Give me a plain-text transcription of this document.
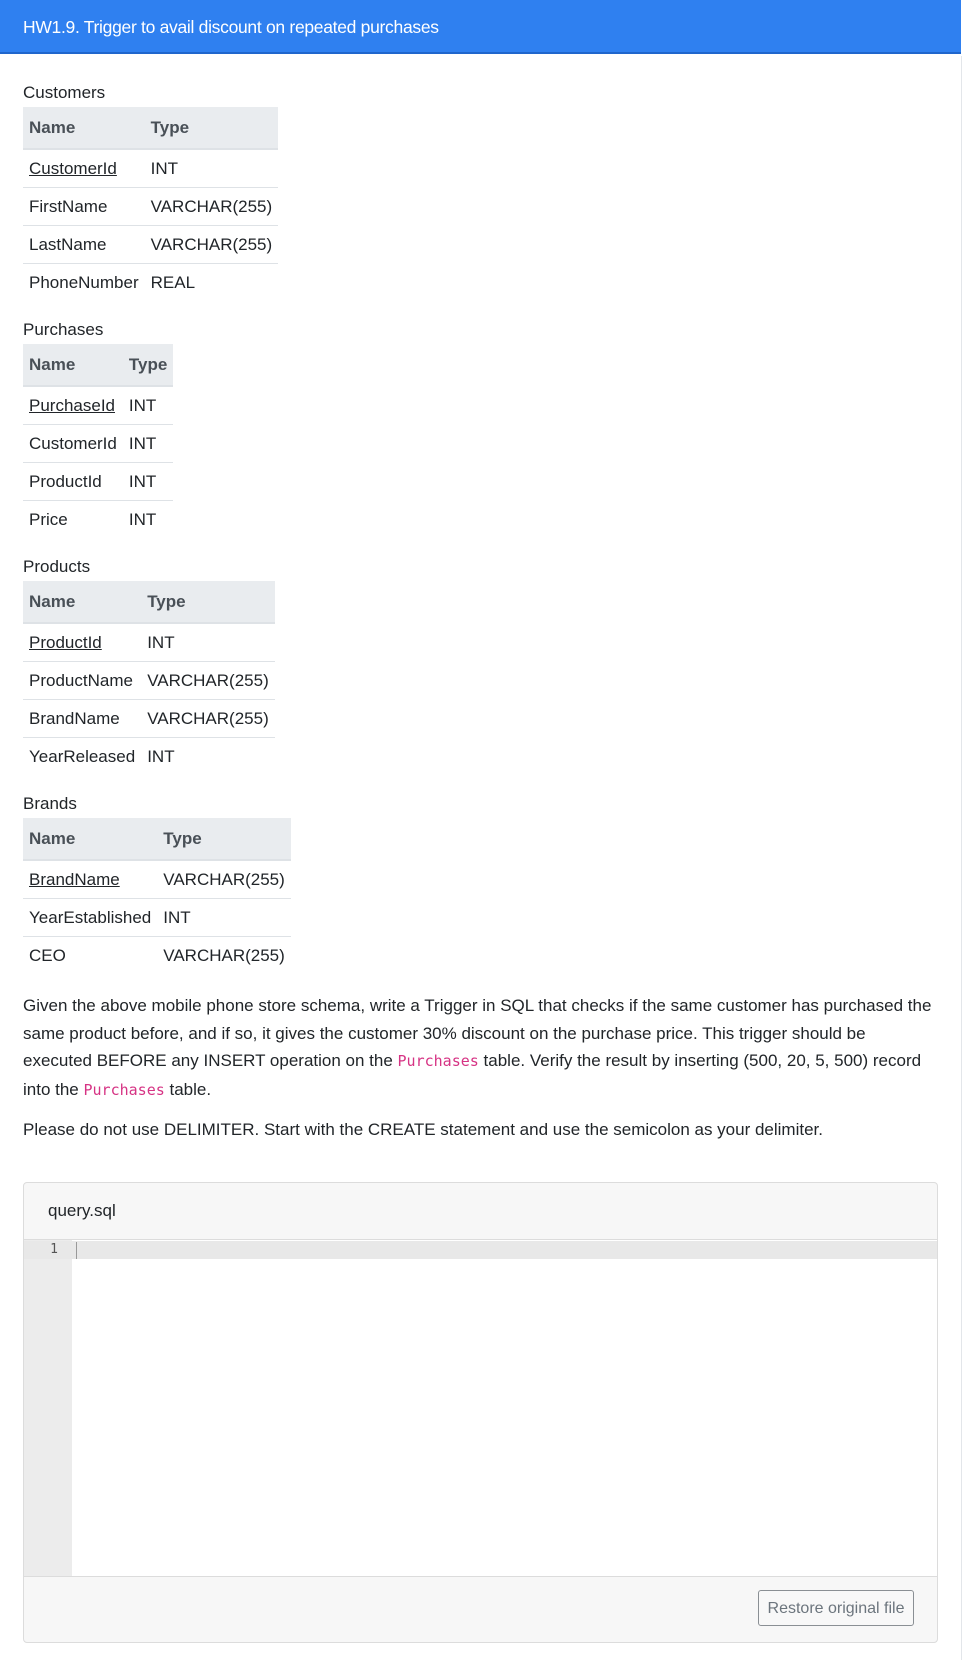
HW1.9. Trigger to avail discount on repeated purchases
Customers
Name	Type
CustomerId	INT
FirstName	VARCHAR(255)
LastName	VARCHAR(255)
PhoneNumber	REAL
Purchases
Name	Type
PurchaseId	INT
CustomerId	INT
ProductId	INT
Price	INT
Products
Name	Type
ProductId	INT
ProductName	VARCHAR(255)
BrandName	VARCHAR(255)
YearReleased	INT
Brands
Name	Type
BrandName	VARCHAR(255)
YearEstablished	INT
CEO	VARCHAR(255)

Given the above mobile phone store schema, write a Trigger in SQL that checks if the same customer has purchased the same product before, and if so, it gives the customer 30% discount on the purchase price. This trigger should be executed BEFORE any INSERT operation on the Purchases table. Verify the result by inserting (500, 20, 5, 500) record into the Purchases table.

Please do not use DELIMITER. Start with the CREATE statement and use the semicolon as your delimiter.

query.sql
1
Restore original file
